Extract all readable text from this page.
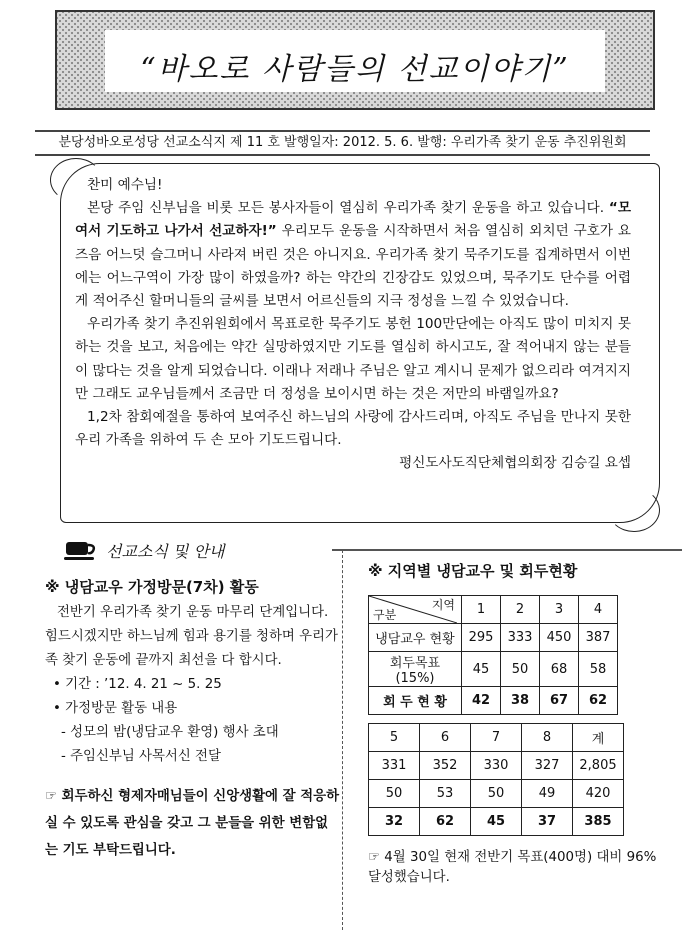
“바오로 사람들의 선교이야기”
분당성바오로성당 선교소식지 제 11 호 발행일자: 2012. 5. 6. 발행: 우리가족 찾기 운동 추진위원회

찬미 예수님!

본당 주임 신부님을 비롯 모든 봉사자들이 열심히 우리가족 찾기 운동을 하고 있습니다. “모여서 기도하고 나가서 선교하자!” 우리모두 운동을 시작하면서 처음 열심히 외치던 구호가 요즈음 어느덧 슬그머니 사라져 버린 것은 아니지요. 우리가족 찾기 묵주기도를 집계하면서 이번에는 어느구역이 가장 많이 하였을까? 하는 약간의 긴장감도 있었으며, 묵주기도 단수를 어렵게 적어주신 할머니들의 글씨를 보면서 어르신들의 지극 정성을 느낄 수 있었습니다.

우리가족 찾기 추진위원회에서 목표로한 묵주기도 봉헌 100만단에는 아직도 많이 미치지 못하는 것을 보고, 처음에는 약간 실망하였지만 기도를 열심히 하시고도, 잘 적어내지 않는 분들이 많다는 것을 알게 되었습니다. 이래나 저래나 주님은 알고 계시니 문제가 없으리라 여겨지지만 그래도 교우님들께서 조금만 더 정성을 보이시면 하는 것은 저만의 바램일까요?

1,2차 참회예절을 통하여 보여주신 하느님의 사랑에 감사드리며, 아직도 주님을 만나지 못한 우리 가족을 위하여 두 손 모아 기도드립니다.

평신도사도직단체협의회장 김승길 요셉

선교소식 및 안내
※ 냉담교우 가정방문(7차) 활동

전반기 우리가족 찾기 운동 마무리 단계입니다. 힘드시겠지만 하느님께 힘과 용기를 청하며 우리가족 찾기 운동에 끝까지 최선을 다 합시다.

• 기간 : ’12. 4. 21 ~ 5. 25

• 가정방문 활동 내용

- 성모의 밤(냉담교우 환영) 행사 초대

- 주임신부님 사목서신 전달

☞ 회두하신 형제자매님들이 신앙생활에 잘 적응하실 수 있도록 관심을 갖고 그 분들을 위한 변함없는 기도 부탁드립니다.

※ 지역별 냉담교우 및 회두현황
지역
구분	1	2	3	4
냉담교우 현황	295	333	450	387
회두목표(15%)	45	50	68	58
회 두 현 황	42	38	67	62
5	6	7	8	계
331	352	330	327	2,805
50	53	50	49	420
32	62	45	37	385

☞ 4월 30일 현재 전반기 목표(400명) 대비 96% 달성했습니다.
